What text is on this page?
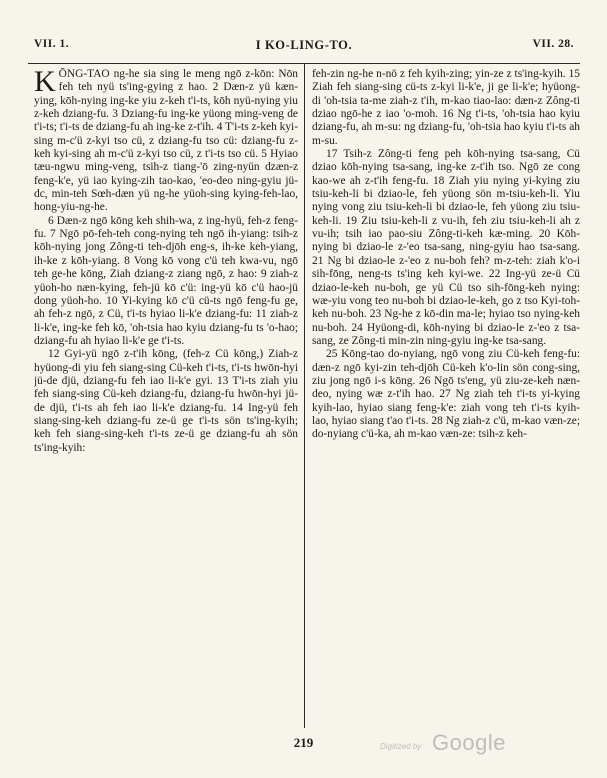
VII. 1.	I KO-LING-TO.	VII. 28.

KŌNG-TAO ng-he sia sing le meng ngō z-kōn: Nōn feh teh nyü ts'ing-gying z hao. 2 Dæn-z yü kæn-ying, kōh-nying ing-ke yiu z-keh t'i-ts, kōh nyü-nying yiu z-keh dziang-fu. 3 Dziang-fu ing-ke yüong ming-veng de t'i-ts; t'i-ts de dziang-fu ah ing-ke z-t'ih. 4 T'i-ts z-keh kyi-sing m-c'ü z-kyi tso cü, z dziang-fu tso cü: dziang-fu z-keh kyi-sing ah m-c'ü z-kyi tso cü, z t'i-ts tso cü. 5 Hyiao tæu-ngwu ming-veng, tsih-z tiang-'ō zing-nyün dzæn-z feng-k'e, yü iao kying-zih tao-kao, 'eo-deo ning-gyiu jü-dc, min-teh Sœh-dæn yü ng-he yüoh-sing kying-feh-lao, hong-yiu-ng-he.

6 Dæn-z ngō kōng keh shih-wa, z ing-hyü, feh-z feng-fu. 7 Ngō pō-feh-teh cong-nying teh ngō ih-yiang: tsih-z kōh-nying jong Zông-ti teh-djōh eng-s, ih-ke keh-yiang, ih-ke z kōh-yiang. 8 Vong kō vong c'ü teh kwa-vu, ngō teh ge-he kōng, Ziah dziang-z ziang ngō, z hao: 9 ziah-z yüoh-ho næn-kying, feh-jü kō c'ü: ing-yü kō c'ü hao-jü dong yüoh-ho. 10 Yi-kying kō c'ü cü-ts ngō feng-fu ge, ah feh-z ngō, z Cü, t'i-ts hyiao li-k'e dziang-fu: 11 ziah-z li-k'e, ing-ke feh kō, 'oh-tsia hao kyiu dziang-fu ts 'o-hao; dziang-fu ah hyiao li-k'e ge t'i-ts.

12 Gyi-yü ngō z-t'ih kōng, (feh-z Cü kōng,) Ziah-z hyüong-di yiu feh siang-sing Cü-keh t'i-ts, t'i-ts hwōn-hyi jü-de djü, dziang-fu feh iao li-k'e gyi. 13 T'i-ts ziah yiu feh siang-sing Cü-keh dziang-fu, dziang-fu hwōn-hyi jü-de djü, t'i-ts ah feh iao li-k'e dziang-fu. 14 Ing-yü feh siang-sing-keh dziang-fu ze-ü ge t'i-ts sön ts'ing-kyih; keh feh siang-sing-keh t'i-ts ze-ü ge dziang-fu ah sön ts'ing-kyih:

feh-zin ng-he n-nö z feh kyih-zing; yin-ze z ts'ing-kyih. 15 Ziah feh siang-sing cü-ts z-kyi li-k'e, ji ge li-k'e; hyüong-di 'oh-tsia ta-me ziah-z t'ih, m-kao tiao-lao: dæn-z Zông-ti dziao ngō-he z iao 'o-moh. 16 Ng t'i-ts, 'oh-tsia hao kyiu dziang-fu, ah m-su: ng dziang-fu, 'oh-tsia hao kyiu t'i-ts ah m-su.

17 Tsih-z Zông-ti feng peh kōh-nying tsa-sang, Cü dziao kōh-nying tsa-sang, ing-ke z-t'ih tso. Ngō ze cong kao-we ah z-t'ih feng-fu. 18 Ziah yiu nying yi-kying ziu tsiu-keh-li bi dziao-le, feh yüong sön m-tsiu-keh-li. Yiu nying vong ziu tsiu-keh-li bi dziao-le, feh yüong ziu tsiu-keh-li. 19 Ziu tsiu-keh-li z vu-ih, feh ziu tsiu-keh-li ah z vu-ih; tsih iao pao-siu Zông-ti-keh kæ-ming. 20 Kōh-nying bi dziao-le z-'eo tsa-sang, ning-gyiu hao tsa-sang. 21 Ng bi dziao-le z-'eo z nu-boh feh? m-z-teh: ziah k'o-i sih-fōng, neng-ts ts'ing keh kyi-we. 22 Ing-yü ze-ü Cü dziao-le-keh nu-boh, ge yü Cü tso sih-fōng-keh nying: wæ-yiu vong teo nu-boh bi dziao-le-keh, go z tso Kyi-toh-keh nu-boh. 23 Ng-he z kō-din ma-le; hyiao tso nying-keh nu-boh. 24 Hyüong-di, kōh-nying bi dziao-le z-'eo z tsa-sang, ze Zông-ti min-zin ning-gyiu ing-ke tsa-sang.

25 Kōng-tao do-nyiang, ngō vong ziu Cü-keh feng-fu: dæn-z ngō kyi-zin teh-djōh Cü-keh k'o-lin sön cong-sing, ziu jong ngō i-s kōng. 26 Ngō ts'eng, yü ziu-ze-keh næn-deo, nying wæ z-t'ih hao. 27 Ng ziah teh t'i-ts yi-kying kyih-lao, hyiao siang feng-k'e: ziah vong teh t'i-ts kyih-lao, hyiao siang t'ao t'i-ts. 28 Ng ziah-z c'ü, m-kao væn-ze; do-nyiang c'ü-ka, ah m-kao væn-ze: tsih-z keh-

219	Digitized by Google
